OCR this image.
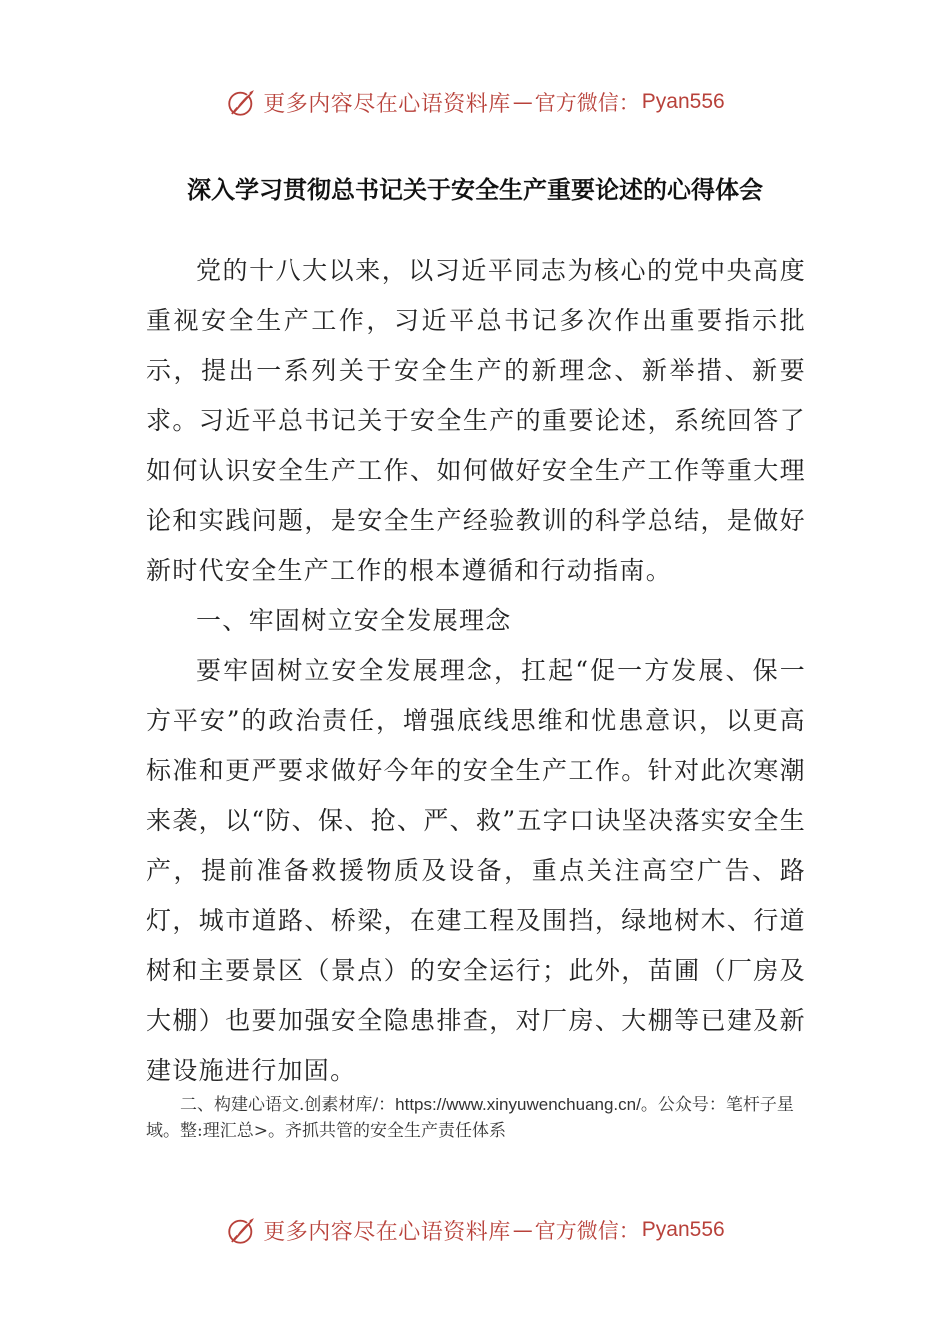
更多内容尽在心语资料库 — 官方微信： Pyan556
深入学习贯彻总书记关于安全生产重要论述的心得体会

党的十八大以来，以习近平同志为核心的党中央高度重视安全生产工作，习近平总书记多次作出重要指示批示，提出一系列关于安全生产的新理念、新举措、新要求。习近平总书记关于安全生产的重要论述，系统回答了如何认识安全生产工作、如何做好安全生产工作等重大理论和实践问题，是安全生产经验教训的科学总结，是做好新时代安全生产工作的根本遵循和行动指南。

一、牢固树立安全发展理念

要牢固树立安全发展理念，扛起“促一方发展、保一方平安”的政治责任，增强底线思维和忧患意识，以更高标准和更严要求做好今年的安全生产工作。针对此次寒潮来袭，以“防、保、抢、严、救”五字口诀坚决落实安全生产，提前准备救援物质及设备，重点关注高空广告、路灯，城市道路、桥梁，在建工程及围挡，绿地树木、行道树和主要景区（景点）的安全运行；此外，苗圃（厂房及大棚）也要加强安全隐患排查，对厂房、大棚等已建及新建设施进行加固。

二、构建心语文.创素材库/：https://www.xinyuwenchuang.cn/。公众号：笔杆子星域。整:理汇总>。齐抓共管的安全生产责任体系
更多内容尽在心语资料库 — 官方微信： Pyan556
